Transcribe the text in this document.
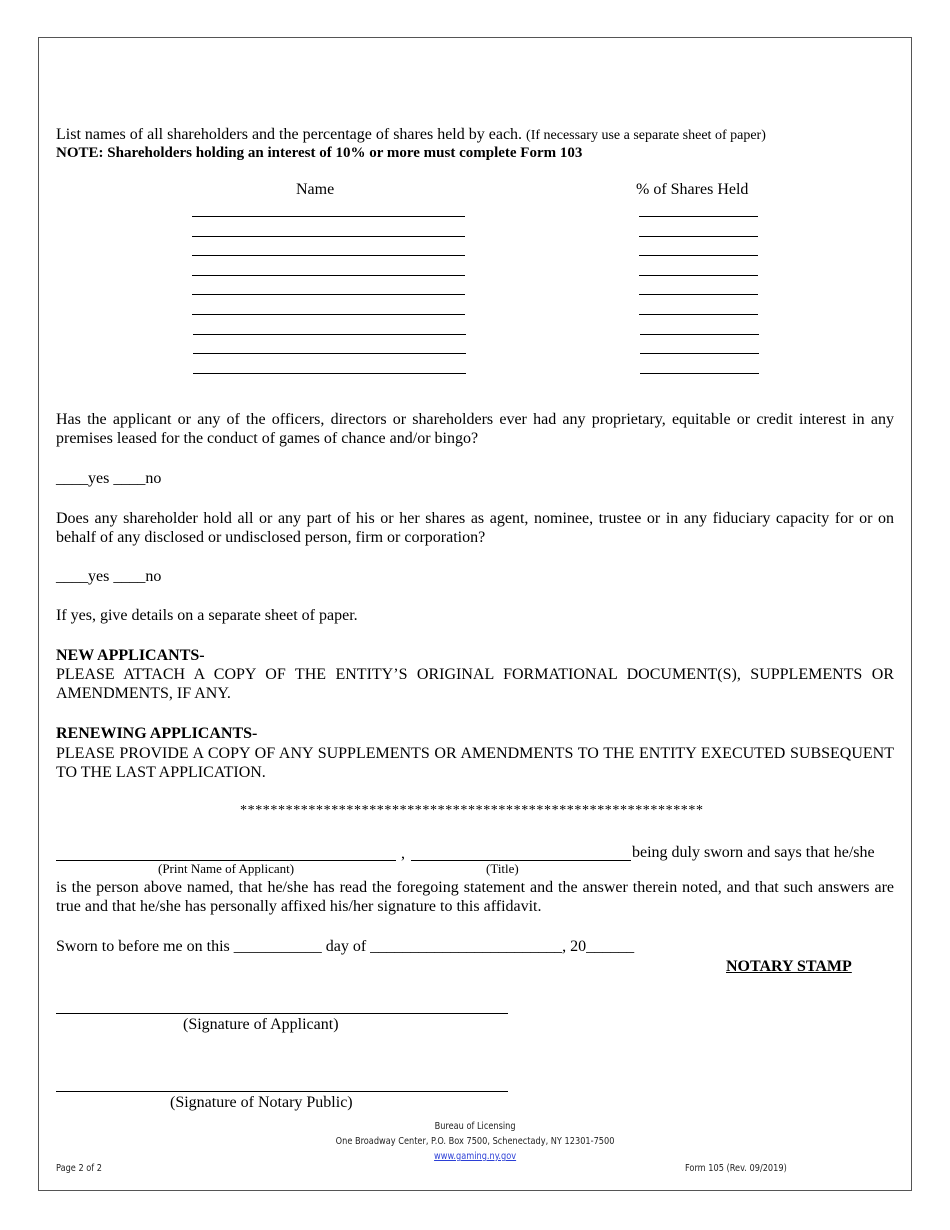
List names of all shareholders and the percentage of shares held by each. (If necessary use a separate sheet of paper)
NOTE: Shareholders holding an interest of 10% or more must complete Form 103
Name	% of Shares Held
Has the applicant or any of the officers, directors or shareholders ever had any proprietary, equitable or credit interest in any premises leased for the conduct of games of chance and/or bingo?
____yes ____no
Does any shareholder hold all or any part of his or her shares as agent, nominee, trustee or in any fiduciary capacity for or on behalf of any disclosed or undisclosed person, firm or corporation?
____yes ____no
If yes, give details on a separate sheet of paper.
NEW APPLICANTS-
PLEASE ATTACH A COPY OF THE ENTITY’S ORIGINAL FORMATIONAL DOCUMENT(S), SUPPLEMENTS OR AMENDMENTS, IF ANY.
RENEWING APPLICANTS-
PLEASE PROVIDE A COPY OF ANY SUPPLEMENTS OR AMENDMENTS TO THE ENTITY EXECUTED SUBSEQUENT TO THE LAST APPLICATION.
*************************************************************
,	being duly sworn and says that he/she
(Print Name of Applicant)	(Title)
is the person above named, that he/she has read the foregoing statement and the answer therein noted, and that such answers are true and that he/she has personally affixed his/her signature to this affidavit.
Sworn to before me on this ___________ day of ________________________, 20______
NOTARY STAMP
(Signature of Applicant)
(Signature of Notary Public)
Bureau of Licensing
One Broadway Center, P.O. Box 7500, Schenectady, NY 12301-7500
www.gaming.ny.gov
Page 2 of 2	Form 105 (Rev. 09/2019)
